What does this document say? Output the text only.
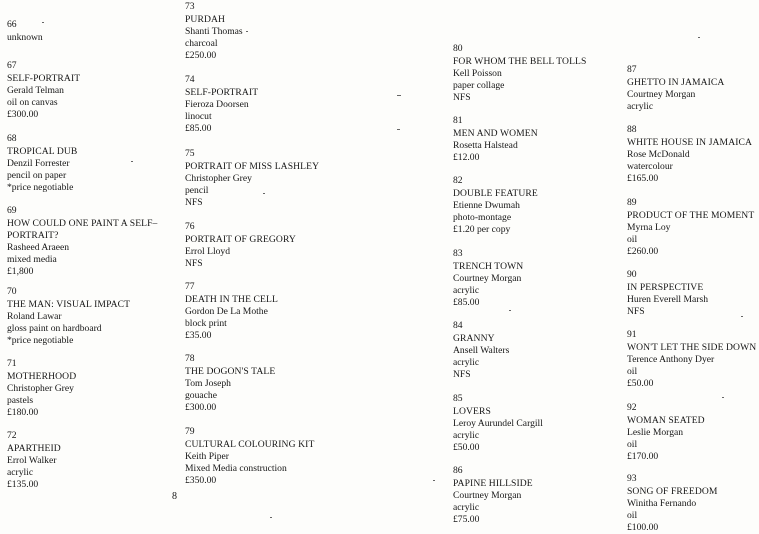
66
unknown
67
SELF-PORTRAIT
Gerald Telman
oil on canvas
£300.00
68
TROPICAL DUB
Denzil Forrester
pencil on paper
*price negotiable
69
HOW COULD ONE PAINT A SELF–
PORTRAIT?
Rasheed Araeen
mixed media
£1,800
70
THE MAN: VISUAL IMPACT
Roland Lawar
gloss paint on hardboard
*price negotiable
71
MOTHERHOOD
Christopher Grey
pastels
£180.00
72
APARTHEID
Errol Walker
acrylic
£135.00
73
PURDAH
Shanti Thomas
charcoal
£250.00
74
SELF-PORTRAIT
Fieroza Doorsen
linocut
£85.00
75
PORTRAIT OF MISS LASHLEY
Christopher Grey
pencil
NFS
76
PORTRAIT OF GREGORY
Errol Lloyd
NFS
77
DEATH IN THE CELL
Gordon De La Mothe
block print
£35.00
78
THE DOGON'S TALE
Tom Joseph
gouache
£300.00
79
CULTURAL COLOURING KIT
Keith Piper
Mixed Media construction
£350.00
80
FOR WHOM THE BELL TOLLS
Kell Poisson
paper collage
NFS
81
MEN AND WOMEN
Rosetta Halstead
£12.00
82
DOUBLE FEATURE
Etienne Dwumah
photo-montage
£1.20 per copy
83
TRENCH TOWN
Courtney Morgan
acrylic
£85.00
84
GRANNY
Ansell Walters
acrylic
NFS
85
LOVERS
Leroy Aurundel Cargill
acrylic
£50.00
86
PAPINE HILLSIDE
Courtney Morgan
acrylic
£75.00
87
GHETTO IN JAMAICA
Courtney Morgan
acrylic
88
WHITE HOUSE IN JAMAICA
Rose McDonald
watercolour
£165.00
89
PRODUCT OF THE MOMENT
Myrna Loy
oil
£260.00
90
IN PERSPECTIVE
Huren Everell Marsh
NFS
91
WON'T LET THE SIDE DOWN
Terence Anthony Dyer
oil
£50.00
92
WOMAN SEATED
Leslie Morgan
oil
£170.00
93
SONG OF FREEDOM
Winitha Fernando
oil
£100.00
8
